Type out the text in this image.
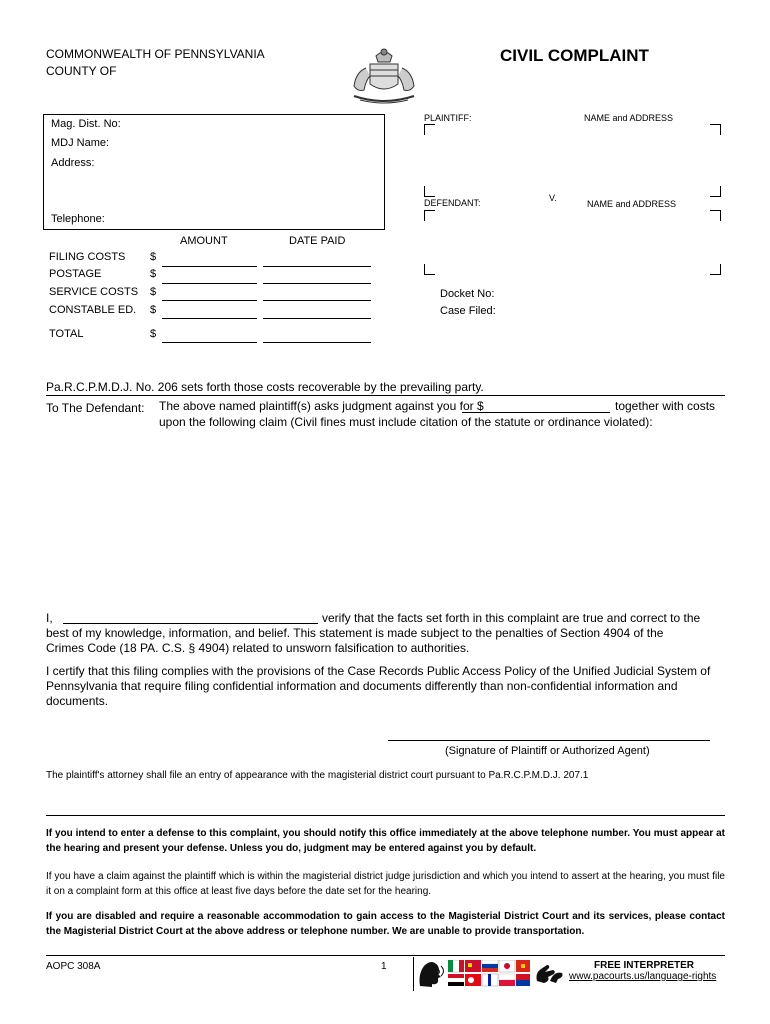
COMMONWEALTH OF PENNSYLVANIA
COUNTY OF
CIVIL COMPLAINT
Mag. Dist. No:
MDJ Name:
Address:
Telephone:
PLAINTIFF:	NAME and ADDRESS
V.
DEFENDANT:	NAME and ADDRESS
Docket No:
Case Filed:
AMOUNT	DATE PAID
FILING COSTS $
POSTAGE	$
SERVICE COSTS $
CONSTABLE ED. $
TOTAL	$
Pa.R.C.P.M.D.J. No. 206 sets forth those costs recoverable by the prevailing party.
To The Defendant: The above named plaintiff(s) asks judgment against you for $	together with costs
upon the following claim (Civil fines must include citation of the statute or ordinance violated):
I,	verify that the facts set forth in this complaint are true and correct to the
best of my knowledge, information, and belief. This statement is made subject to the penalties of Section 4904 of the
Crimes Code (18 PA. C.S. § 4904) related to unsworn falsification to authorities.
I certify that this filing complies with the provisions of the Case Records Public Access Policy of the Unified Judicial System of Pennsylvania that require filing confidential information and documents differently than non-confidential information and documents.
(Signature of Plaintiff or Authorized Agent)
The plaintiff's attorney shall file an entry of appearance with the magisterial district court pursuant to Pa.R.C.P.M.D.J. 207.1
If you intend to enter a defense to this complaint, you should notify this office immediately at the above telephone number. You must appear at the hearing and present your defense. Unless you do, judgment may be entered against you by default.
If you have a claim against the plaintiff which is within the magisterial district judge jurisdiction and which you intend to assert at the hearing, you must file it on a complaint form at this office at least five days before the date set for the hearing.
If you are disabled and require a reasonable accommodation to gain access to the Magisterial District Court and its services, please contact the Magisterial District Court at the above address or telephone number. We are unable to provide transportation.
AOPC 308A	1	FREE INTERPRETER
www.pacourts.us/language-rights
